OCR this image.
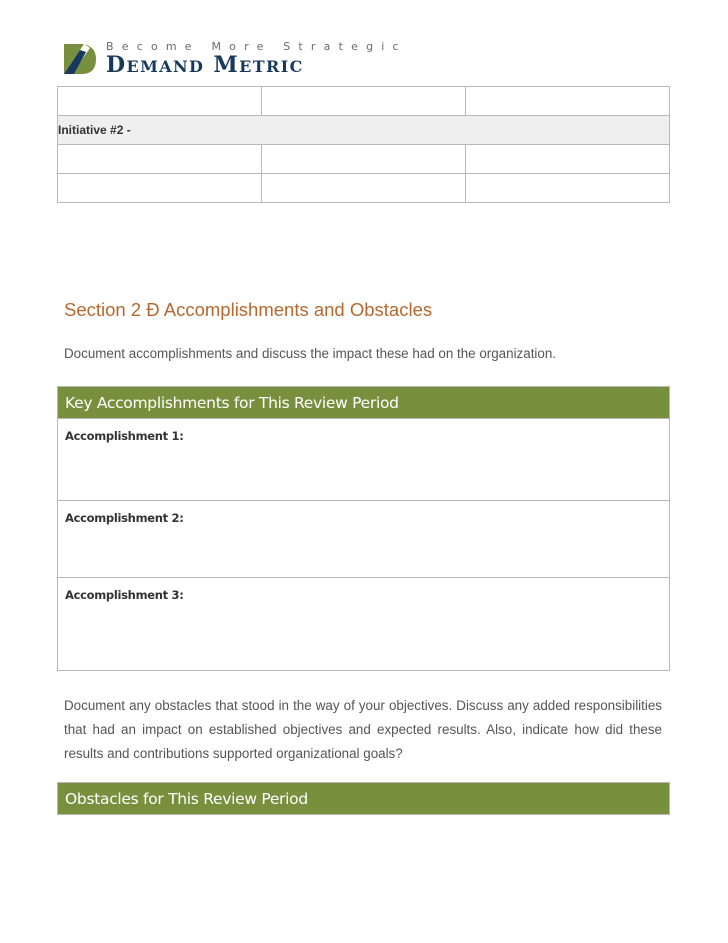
Become More Strategic
DEMAND METRIC

Initiative #2 -		

Section 2 Ð Accomplishments and Obstacles
Document accomplishments and discuss the impact these had on the organization.
Key Accomplishments for This Review Period
Accomplishment 1:
Accomplishment 2:
Accomplishment 3:
Document any obstacles that stood in the way of your objectives. Discuss any added responsibilities that had an impact on established objectives and expected results. Also, indicate how did these results and contributions supported organizational goals?
Obstacles for This Review Period
